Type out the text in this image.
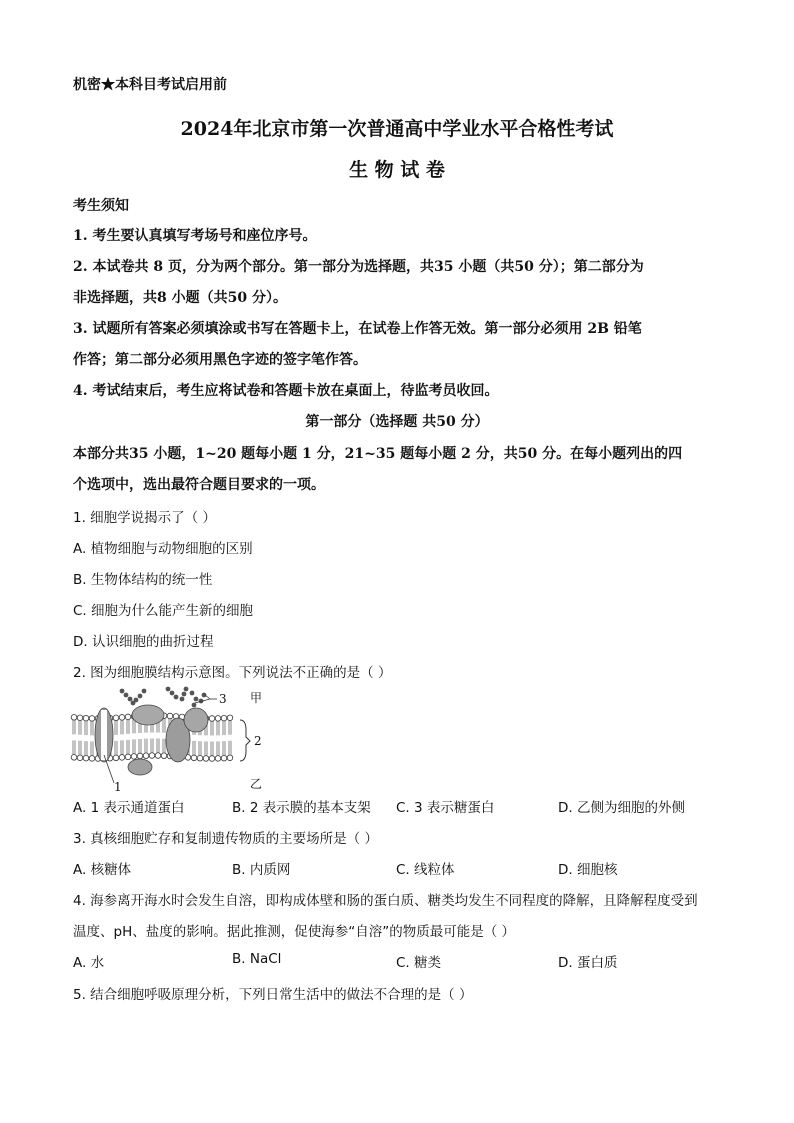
机密★本科目考试启用前
2024年北京市第一次普通高中学业水平合格性考试
生 物 试 卷
考生须知
1. 考生要认真填写考场号和座位序号。
2. 本试卷共 8 页，分为两个部分。第一部分为选择题，共35 小题（共50 分）；第二部分为
非选择题，共8 小题（共50 分）。
3. 试题所有答案必须填涂或书写在答题卡上，在试卷上作答无效。第一部分必须用 2B 铅笔
作答；第二部分必须用黑色字迹的签字笔作答。
4. 考试结束后，考生应将试卷和答题卡放在桌面上，待监考员收回。
第一部分（选择题 共50 分）
本部分共35 小题，1~20 题每小题 1 分，21~35 题每小题 2 分，共50 分。在每小题列出的四
个选项中，选出最符合题目要求的一项。
1. 细胞学说揭示了（ ）
A. 植物细胞与动物细胞的区别
B. 生物体结构的统一性
C. 细胞为什么能产生新的细胞
D. 认识细胞的曲折过程
2. 图为细胞膜结构示意图。下列说法不正确的是（ ）
3 甲
2
1	乙
A. 1 表示通道蛋白	B. 2 表示膜的基本支架 C. 3 表示糖蛋白	D. 乙侧为细胞的外侧
3. 真核细胞贮存和复制遗传物质的主要场所是（ ）
A. 核糖体	B. 内质网	C. 线粒体	D. 细胞核
4. 海参离开海水时会发生自溶，即构成体壁和肠的蛋白质、糖类均发生不同程度的降解，且降解程度受到
温度、pH、盐度的影响。据此推测，促使海参“自溶”的物质最可能是（ ）
A. 水	B. NaCl	C. 糖类	D. 蛋白质
5. 结合细胞呼吸原理分析，下列日常生活中的做法不合理的是（ ）
